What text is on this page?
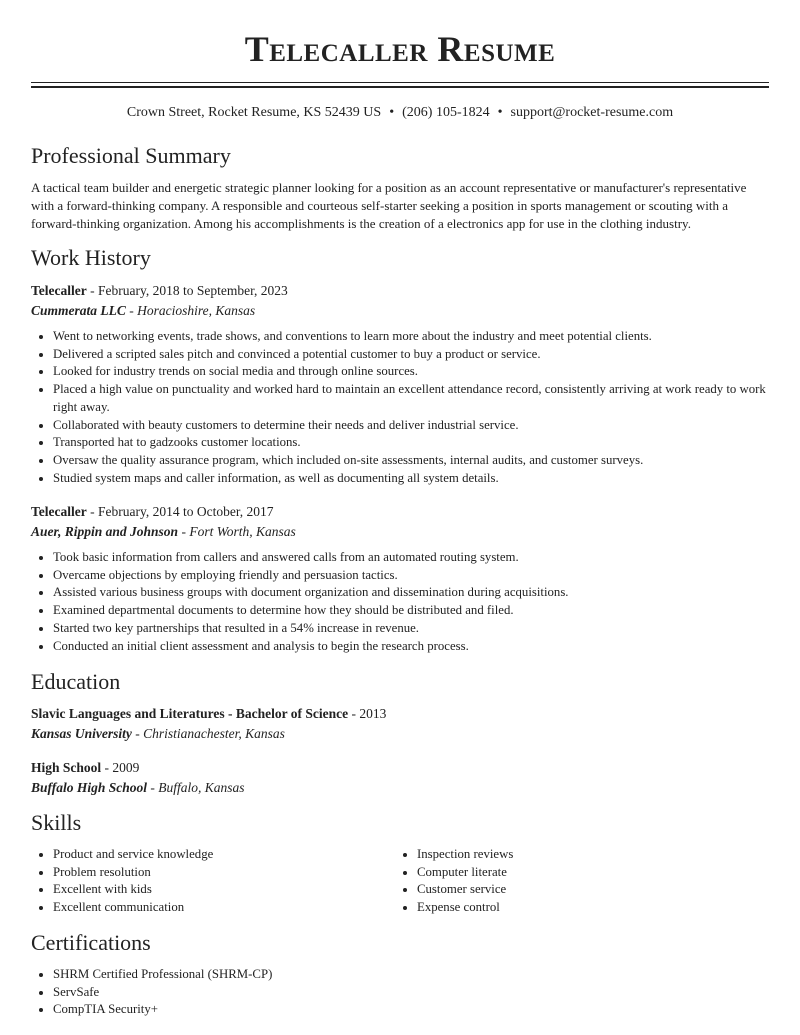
Telecaller Resume
Crown Street, Rocket Resume, KS 52439 US • (206) 105-1824 • support@rocket-resume.com
Professional Summary

A tactical team builder and energetic strategic planner looking for a position as an account representative or manufacturer's representative with a forward-thinking company. A responsible and courteous self-starter seeking a position in sports management or scouting with a forward-thinking organization. Among his accomplishments is the creation of a electronics app for use in the clothing industry.

Work History
Telecaller - February, 2018 to September, 2023
Cummerata LLC - Horacioshire, Kansas
• Went to networking events, trade shows, and conventions to learn more about the industry and meet potential clients.
• Delivered a scripted sales pitch and convinced a potential customer to buy a product or service.
• Looked for industry trends on social media and through online sources.
• Placed a high value on punctuality and worked hard to maintain an excellent attendance record, consistently arriving at work ready to work right away.
• Collaborated with beauty customers to determine their needs and deliver industrial service.
• Transported hat to gadzooks customer locations.
• Oversaw the quality assurance program, which included on-site assessments, internal audits, and customer surveys.
• Studied system maps and caller information, as well as documenting all system details.
Telecaller - February, 2014 to October, 2017
Auer, Rippin and Johnson - Fort Worth, Kansas
• Took basic information from callers and answered calls from an automated routing system.
• Overcame objections by employing friendly and persuasion tactics.
• Assisted various business groups with document organization and dissemination during acquisitions.
• Examined departmental documents to determine how they should be distributed and filed.
• Started two key partnerships that resulted in a 54% increase in revenue.
• Conducted an initial client assessment and analysis to begin the research process.
Education
Slavic Languages and Literatures - Bachelor of Science - 2013
Kansas University - Christianachester, Kansas
High School - 2009
Buffalo High School - Buffalo, Kansas
Skills
• Product and service knowledge
• Problem resolution
• Excellent with kids
• Excellent communication
• Inspection reviews
• Computer literate
• Customer service
• Expense control
Certifications
• SHRM Certified Professional (SHRM-CP)
• ServSafe
• CompTIA Security+
